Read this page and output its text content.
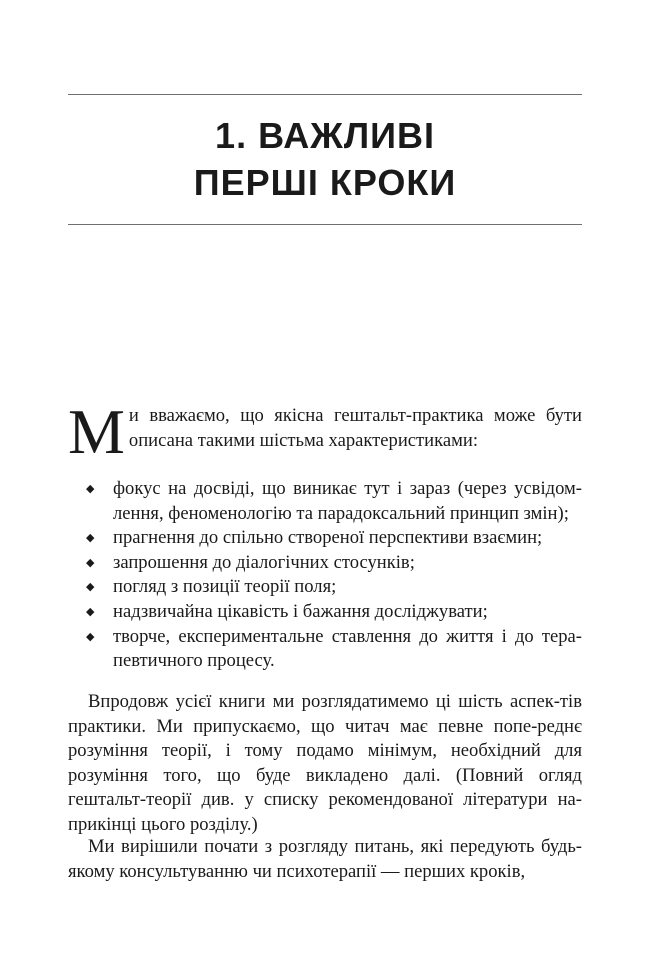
1. ВАЖЛИВІ
ПЕРШІ КРОКИ
М и вважаємо, що якісна гештальт-практика може бути описана такими шістьма характеристиками:

◆ фокус на досвіді, що виникає тут і зараз (через усвідом-лення, феноменологію та парадоксальний принцип змін);
◆ прагнення до спільно створеної перспективи взаємин;
◆ запрошення до діалогічних стосунків;
◆ погляд з позиції теорії поля;
◆ надзвичайна цікавість і бажання досліджувати;
◆ творче, експериментальне ставлення до життя і до тера-певтичного процесу.

Впродовж усієї книги ми розглядатимемо ці шість аспек-тів практики. Ми припускаємо, що читач має певне попе-реднє розуміння теорії, і тому подамо мінімум, необхідний для розуміння того, що буде викладено далі. (Повний огляд гештальт-теорії див. у списку рекомендованої літератури на-прикінці цього розділу.)

Ми вирішили почати з розгляду питань, які передують будь-якому консультуванню чи психотерапії — перших кроків,
